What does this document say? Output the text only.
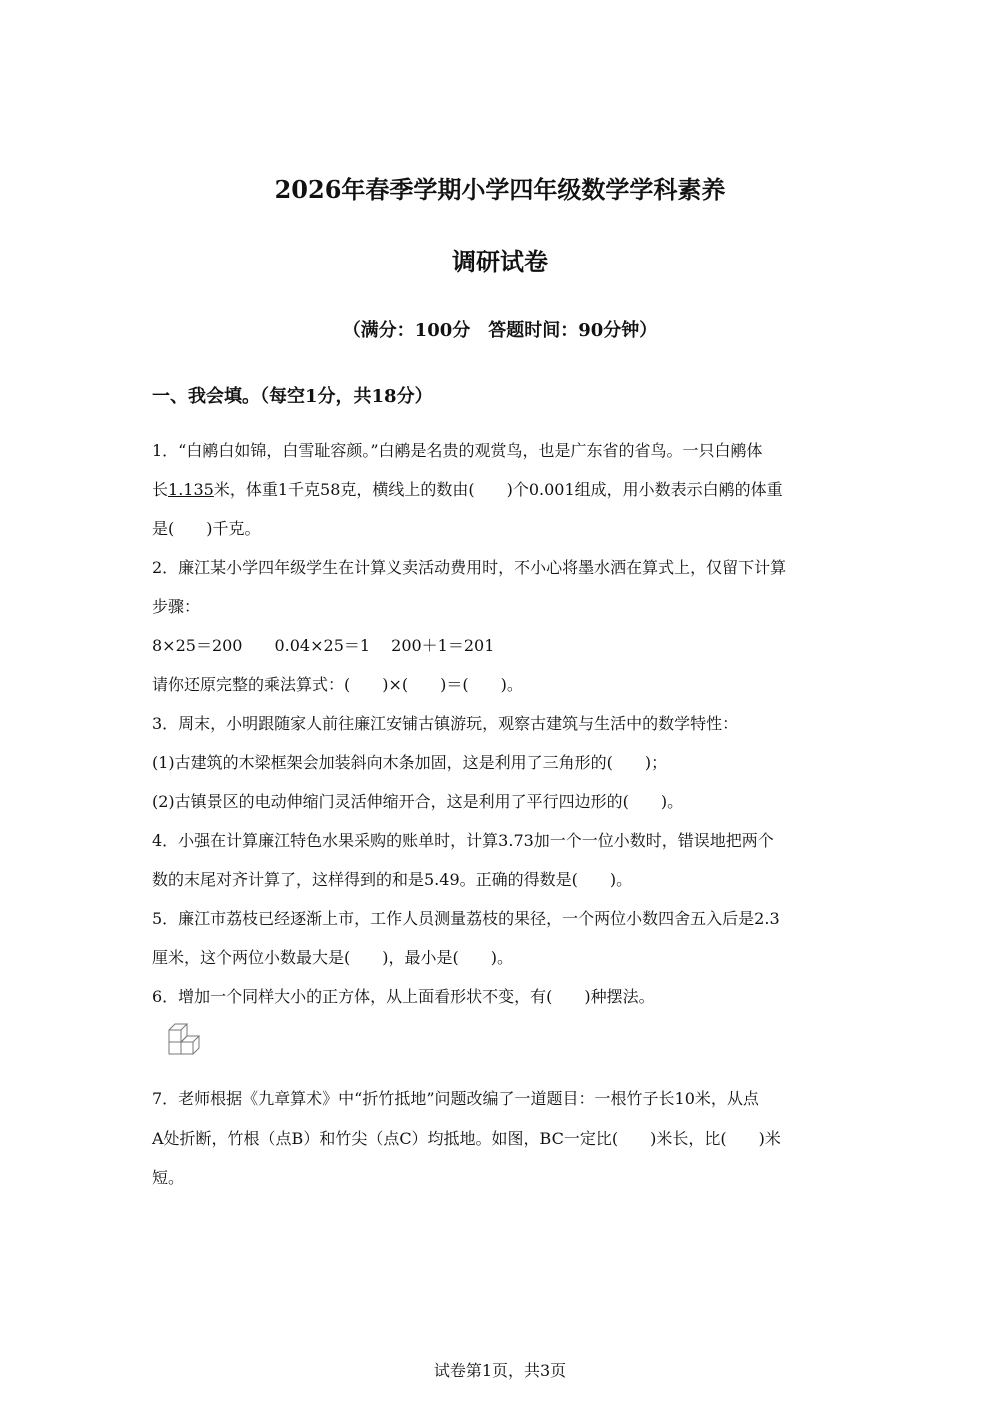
2026年春季学期小学四年级数学学科素养
调研试卷
（满分：100分　答题时间：90分钟）
一、我会填。（每空1分，共18分）
1．“白鹇白如锦，白雪耻容颜。”白鹇是名贵的观赏鸟，也是广东省的省鸟。一只白鹇体
长1.135米，体重1千克58克，横线上的数由(　　)个0.001组成，用小数表示白鹇的体重
是(　　)千克。
2．廉江某小学四年级学生在计算义卖活动费用时，不小心将墨水洒在算式上，仅留下计算
步骤：
8×25＝200　　0.04×25＝1　 200＋1＝201
请你还原完整的乘法算式：(　　)×(　　)＝(　　)。
3．周末，小明跟随家人前往廉江安铺古镇游玩，观察古建筑与生活中的数学特性：
(1)古建筑的木梁框架会加装斜向木条加固，这是利用了三角形的(　　)；
(2)古镇景区的电动伸缩门灵活伸缩开合，这是利用了平行四边形的(　　)。
4．小强在计算廉江特色水果采购的账单时，计算3.73加一个一位小数时，错误地把两个
数的末尾对齐计算了，这样得到的和是5.49。正确的得数是(　　)。
5．廉江市荔枝已经逐渐上市，工作人员测量荔枝的果径，一个两位小数四舍五入后是2.3
厘米，这个两位小数最大是(　　)，最小是(　　)。
6．增加一个同样大小的正方体，从上面看形状不变，有(　　)种摆法。
7．老师根据《九章算术》中“折竹抵地”问题改编了一道题目：一根竹子长10米，从点
A处折断，竹根（点B）和竹尖（点C）均抵地。如图，BC一定比(　　)米长，比(　　)米
短。
试卷第1页，共3页
